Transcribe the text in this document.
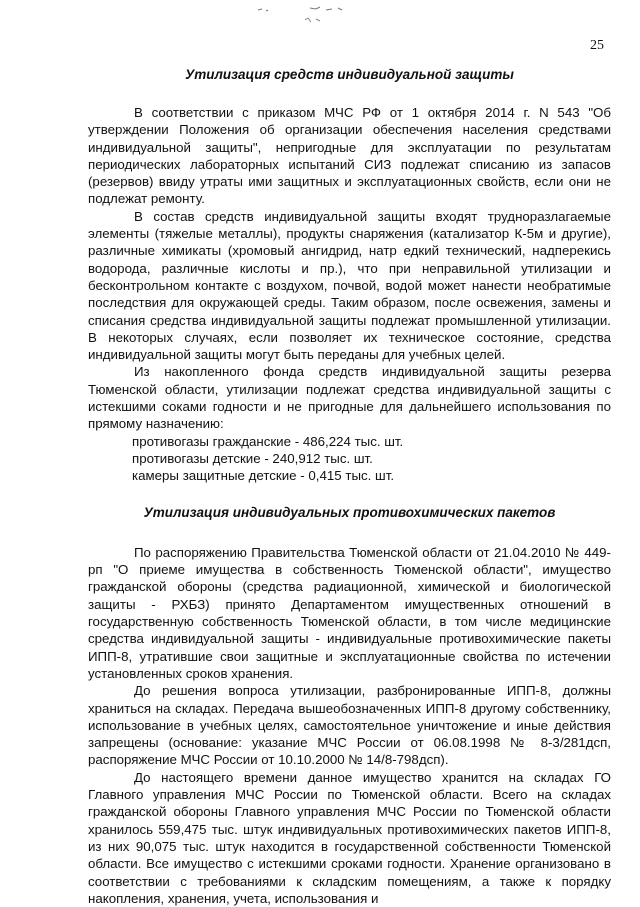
25
Утилизация средств индивидуальной защиты

В соответствии с приказом МЧС РФ от 1 октября 2014 г. N 543 "Об утверждении Положения об организации обеспечения населения средствами индивидуальной защиты", непригодные для эксплуатации по результатам периодических лабораторных испытаний СИЗ подлежат списанию из запасов (резервов) ввиду утраты ими защитных и эксплуатационных свойств, если они не подлежат ремонту.

В состав средств индивидуальной защиты входят трудноразлагаемые элементы (тяжелые металлы), продукты снаряжения (катализатор К-5м и другие), различные химикаты (хромовый ангидрид, натр едкий технический, надперекись водорода, различные кислоты и пр.), что при неправильной утилизации и бесконтрольном контакте с воздухом, почвой, водой может нанести необратимые последствия для окружающей среды. Таким образом, после освежения, замены и списания средства индивидуальной защиты подлежат промышленной утилизации. В некоторых случаях, если позволяет их техническое состояние, средства индивидуальной защиты могут быть переданы для учебных целей.

Из накопленного фонда средств индивидуальной защиты резерва Тюменской области, утилизации подлежат средства индивидуальной защиты с истекшими соками годности и не пригодные для дальнейшего использования по прямому назначению:

противогазы гражданские - 486,224 тыс. шт.
противогазы детские - 240,912 тыс. шт.
камеры защитные детские - 0,415 тыс. шт.
Утилизация индивидуальных противохимических пакетов

По распоряжению Правительства Тюменской области от 21.04.2010 № 449-рп "О приеме имущества в собственность Тюменской области", имущество гражданской обороны (средства радиационной, химической и биологической защиты - РХБЗ) принято Департаментом имущественных отношений в государственную собственность Тюменской области, в том числе медицинские средства индивидуальной защиты - индивидуальные противохимические пакеты ИПП-8, утратившие свои защитные и эксплуатационные свойства по истечении установленных сроков хранения.

До решения вопроса утилизации, разбронированные ИПП-8, должны храниться на складах. Передача вышеобозначенных ИПП-8 другому собственнику, использование в учебных целях, самостоятельное уничтожение и иные действия запрещены (основание: указание МЧС России от 06.08.1998 № 8-3/281дсп, распоряжение МЧС России от 10.10.2000 № 14/8-798дсп).

До настоящего времени данное имущество хранится на складах ГО Главного управления МЧС России по Тюменской области. Всего на складах гражданской обороны Главного управления МЧС России по Тюменской области хранилось 559,475 тыс. штук индивидуальных противохимических пакетов ИПП-8, из них 90,075 тыс. штук находится в государственной собственности Тюменской области. Все имущество с истекшими сроками годности. Хранение организовано в соответствии с требованиями к складским помещениям, а также к порядку накопления, хранения, учета, использования и
